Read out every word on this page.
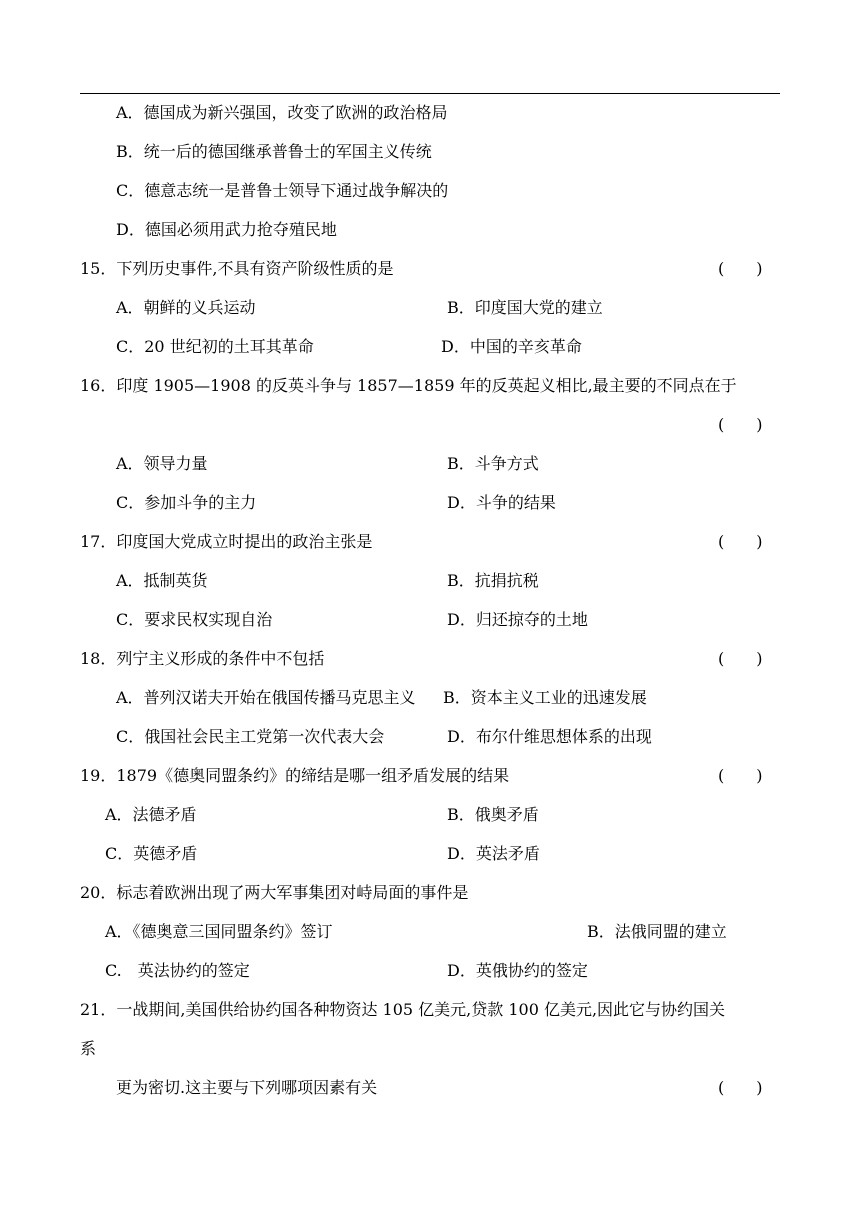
A．德国成为新兴强国，改变了欧洲的政治格局
B．统一后的德国继承普鲁士的军国主义传统
C．德意志统一是普鲁士领导下通过战争解决的
D．德国必须用武力抢夺殖民地
15．下列历史事件,不具有资产阶级性质的是	(　　)
A．朝鲜的义兵运动	B．印度国大党的建立
C．20 世纪初的土耳其革命	D．中国的辛亥革命
16．印度 1905—1908 的反英斗争与 1857—1859 年的反英起义相比,最主要的不同点在于
(　　)
A．领导力量	B．斗争方式
C．参加斗争的主力	D．斗争的结果
17．印度国大党成立时提出的政治主张是	(　　)
A．抵制英货	B．抗捐抗税
C．要求民权实现自治	D．归还掠夺的土地
18．列宁主义形成的条件中不包括	(　　)
A．普列汉诺夫开始在俄国传播马克思主义 B．资本主义工业的迅速发展
C．俄国社会民主工党第一次代表大会	D．布尔什维思想体系的出现
19．1879《德奥同盟条约》的缔结是哪一组矛盾发展的结果	(　　)
A．法德矛盾	B．俄奥矛盾
C．英德矛盾	D．英法矛盾
20．标志着欧洲出现了两大军事集团对峙局面的事件是
A．《德奥意三国同盟条约》签订	B．法俄同盟的建立
C.　英法协约的签定	D．英俄协约的签定
21．一战期间,美国供给协约国各种物资达 105 亿美元,贷款 100 亿美元,因此它与协约国关
系
更为密切.这主要与下列哪项因素有关	(　　)
